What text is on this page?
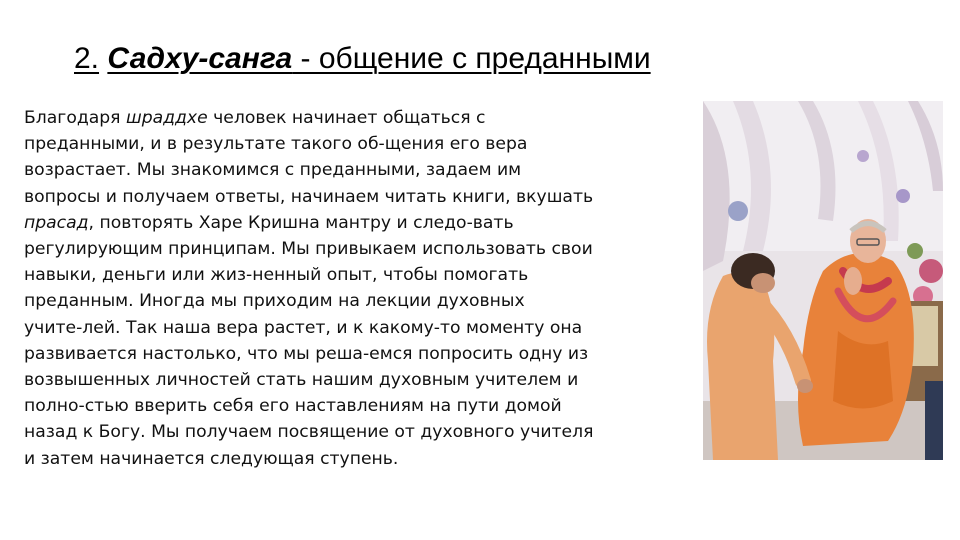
2. Садху-санга - общение с преданными
Благодаря шраддхе человек начинает общаться с
преданными, и в результате такого об-щения его вера
возрастает. Мы знакомимся с преданными, задаем им
вопросы и получаем ответы, начинаем читать книги, вкушать
прасад, повторять Харе Кришна мантру и следо-вать
регулирующим принципам. Мы привыкаем использовать свои
навыки, деньги или жиз-ненный опыт, чтобы помогать
преданным. Иногда мы приходим на лекции духовных
учите-лей. Так наша вера растет, и к какому-то моменту она
развивается настолько, что мы реша-емся попросить одну из
возвышенных личностей стать нашим духовным учителем и
полно-стью вверить себя его наставлениям на пути домой
назад к Богу. Мы получаем посвящение от духовного учителя
и затем начинается следующая ступень.
